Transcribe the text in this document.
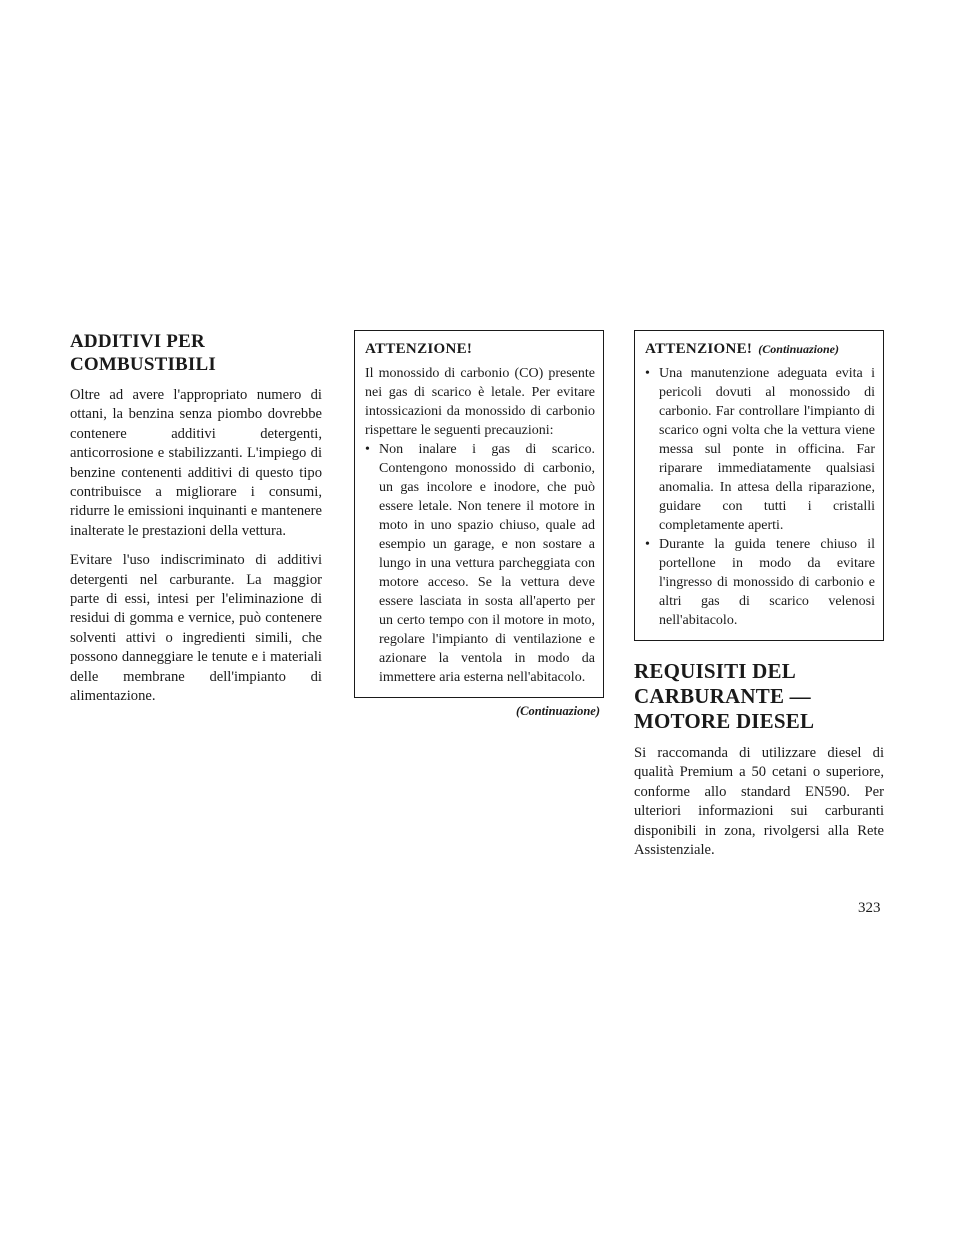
ADDITIVI PER
COMBUSTIBILI

Oltre ad avere l'appropriato numero di ottani, la benzina senza piombo dovrebbe contenere additivi detergenti, anticorrosione e stabilizzanti. L'impiego di benzine contenenti additivi di questo tipo contribuisce a migliorare i consumi, ridurre le emissioni inquinanti e mantenere inalterate le prestazioni della vettura.

Evitare l'uso indiscriminato di additivi detergenti nel carburante. La maggior parte di essi, intesi per l'eliminazione di residui di gomma e vernice, può contenere solventi attivi o ingredienti simili, che possono danneggiare le tenute e i materiali delle membrane dell'impianto di alimentazione.

ATTENZIONE!

Il monossido di carbonio (CO) presente nei gas di scarico è letale. Per evitare intossicazioni da monossido di carbonio rispettare le seguenti precauzioni:

• Non inalare i gas di scarico. Contengono monossido di carbonio, un gas incolore e inodore, che può essere letale. Non tenere il motore in moto in uno spazio chiuso, quale ad esempio un garage, e non sostare a lungo in una vettura parcheggiata con motore acceso. Se la vettura deve essere lasciata in sosta all'aperto per un certo tempo con il motore in moto, regolare l'impianto di ventilazione e azionare la ventola in modo da immettere aria esterna nell'abitacolo.
(Continuazione)
ATTENZIONE! (Continuazione)
• Una manutenzione adeguata evita i pericoli dovuti al monossido di carbonio. Far controllare l'impianto di scarico ogni volta che la vettura viene messa sul ponte in officina. Far riparare immediatamente qualsiasi anomalia. In attesa della riparazione, guidare con tutti i cristalli completamente aperti.
• Durante la guida tenere chiuso il portellone in modo da evitare l'ingresso di monossido di carbonio e altri gas di scarico velenosi nell'abitacolo.
REQUISITI DEL
CARBURANTE —
MOTORE DIESEL

Si raccomanda di utilizzare diesel di qualità Premium a 50 cetani o superiore, conforme allo standard EN590. Per ulteriori informazioni sui carburanti disponibili in zona, rivolgersi alla Rete Assistenziale.

323
